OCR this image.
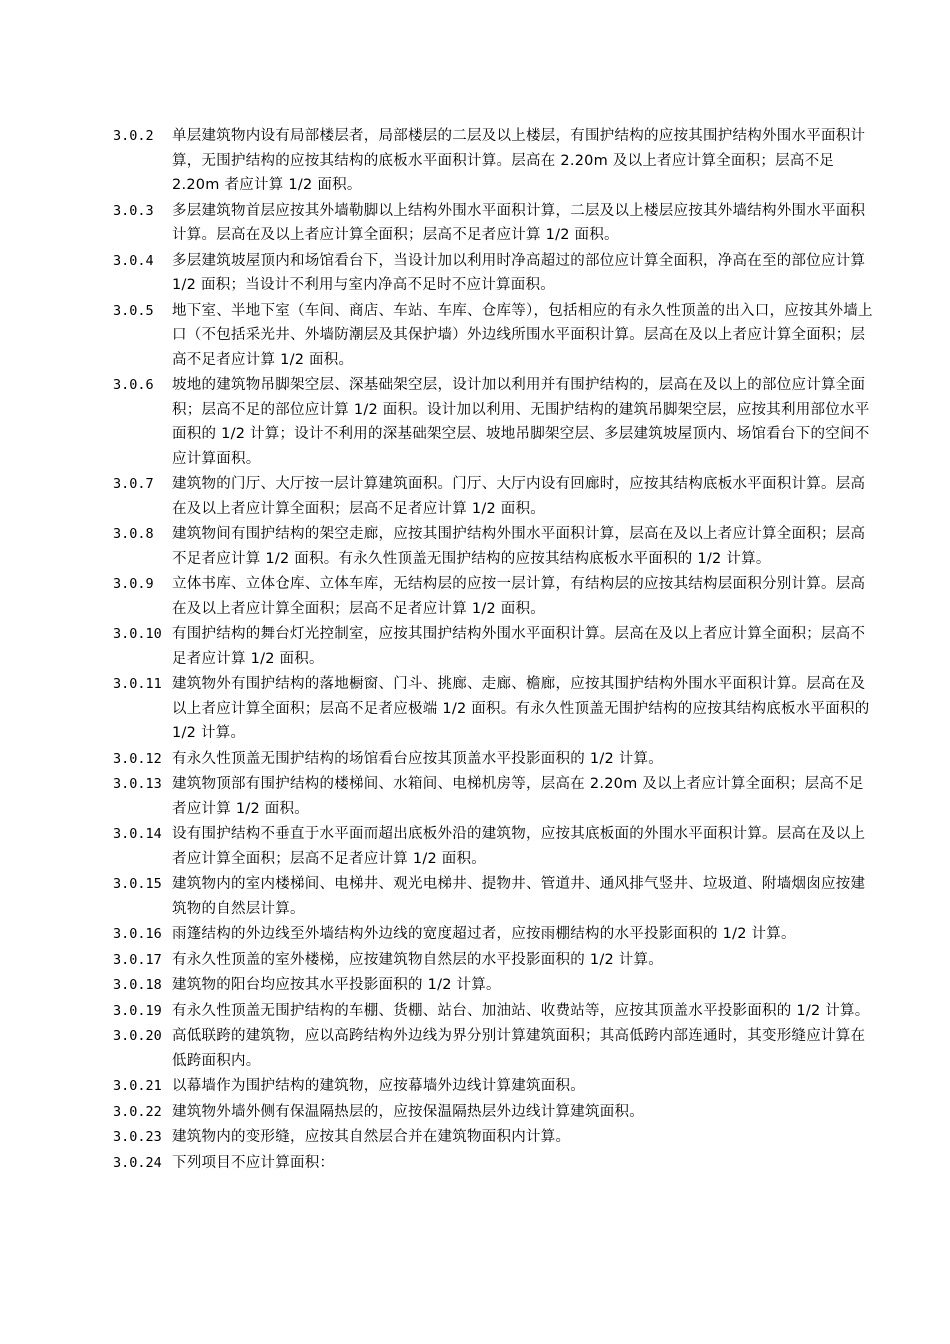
3.0.2	单层建筑物内设有局部楼层者，局部楼层的二层及以上楼层，有围护结构的应按其围护结构外围水平面积计算，无围护结构的应按其结构的底板水平面积计算。层高在 2.20m 及以上者应计算全面积；层高不足 2.20m 者应计算 1/2 面积。
3.0.3	多层建筑物首层应按其外墙勒脚以上结构外围水平面积计算，二层及以上楼层应按其外墙结构外围水平面积计算。层高在及以上者应计算全面积；层高不足者应计算 1/2 面积。
3.0.4	多层建筑坡屋顶内和场馆看台下，当设计加以利用时净高超过的部位应计算全面积，净高在至的部位应计算 1/2 面积；当设计不利用与室内净高不足时不应计算面积。
3.0.5	地下室、半地下室（车间、商店、车站、车库、仓库等），包括相应的有永久性顶盖的出入口，应按其外墙上口（不包括采光井、外墙防潮层及其保护墙）外边线所围水平面积计算。层高在及以上者应计算全面积；层高不足者应计算 1/2 面积。
3.0.6	坡地的建筑物吊脚架空层、深基础架空层，设计加以利用并有围护结构的，层高在及以上的部位应计算全面积；层高不足的部位应计算 1/2 面积。设计加以利用、无围护结构的建筑吊脚架空层，应按其利用部位水平面积的 1/2 计算；设计不利用的深基础架空层、坡地吊脚架空层、多层建筑坡屋顶内、场馆看台下的空间不应计算面积。
3.0.7	建筑物的门厅、大厅按一层计算建筑面积。门厅、大厅内设有回廊时，应按其结构底板水平面积计算。层高在及以上者应计算全面积；层高不足者应计算 1/2 面积。
3.0.8	建筑物间有围护结构的架空走廊，应按其围护结构外围水平面积计算，层高在及以上者应计算全面积；层高不足者应计算 1/2 面积。有永久性顶盖无围护结构的应按其结构底板水平面积的 1/2 计算。
3.0.9	立体书库、立体仓库、立体车库，无结构层的应按一层计算，有结构层的应按其结构层面积分别计算。层高在及以上者应计算全面积；层高不足者应计算 1/2 面积。
3.0.10 有围护结构的舞台灯光控制室，应按其围护结构外围水平面积计算。层高在及以上者应计算全面积；层高不足者应计算 1/2 面积。
3.0.11 建筑物外有围护结构的落地橱窗、门斗、挑廊、走廊、檐廊，应按其围护结构外围水平面积计算。层高在及以上者应计算全面积；层高不足者应极端 1/2 面积。有永久性顶盖无围护结构的应按其结构底板水平面积的 1/2 计算。
3.0.12 有永久性顶盖无围护结构的场馆看台应按其顶盖水平投影面积的 1/2 计算。
3.0.13 建筑物顶部有围护结构的楼梯间、水箱间、电梯机房等，层高在 2.20m 及以上者应计算全面积；层高不足者应计算 1/2 面积。
3.0.14 设有围护结构不垂直于水平面而超出底板外沿的建筑物，应按其底板面的外围水平面积计算。层高在及以上者应计算全面积；层高不足者应计算 1/2 面积。
3.0.15 建筑物内的室内楼梯间、电梯井、观光电梯井、提物井、管道井、通风排气竖井、垃圾道、附墙烟囱应按建筑物的自然层计算。
3.0.16 雨篷结构的外边线至外墙结构外边线的宽度超过者，应按雨棚结构的水平投影面积的 1/2 计算。
3.0.17 有永久性顶盖的室外楼梯，应按建筑物自然层的水平投影面积的 1/2 计算。
3.0.18 建筑物的阳台均应按其水平投影面积的 1/2 计算。
3.0.19 有永久性顶盖无围护结构的车棚、货棚、站台、加油站、收费站等，应按其顶盖水平投影面积的 1/2 计算。
3.0.20 高低联跨的建筑物，应以高跨结构外边线为界分别计算建筑面积；其高低跨内部连通时，其变形缝应计算在低跨面积内。
3.0.21 以幕墙作为围护结构的建筑物，应按幕墙外边线计算建筑面积。
3.0.22 建筑物外墙外侧有保温隔热层的，应按保温隔热层外边线计算建筑面积。
3.0.23 建筑物内的变形缝，应按其自然层合并在建筑物面积内计算。
3.0.24 下列项目不应计算面积：
